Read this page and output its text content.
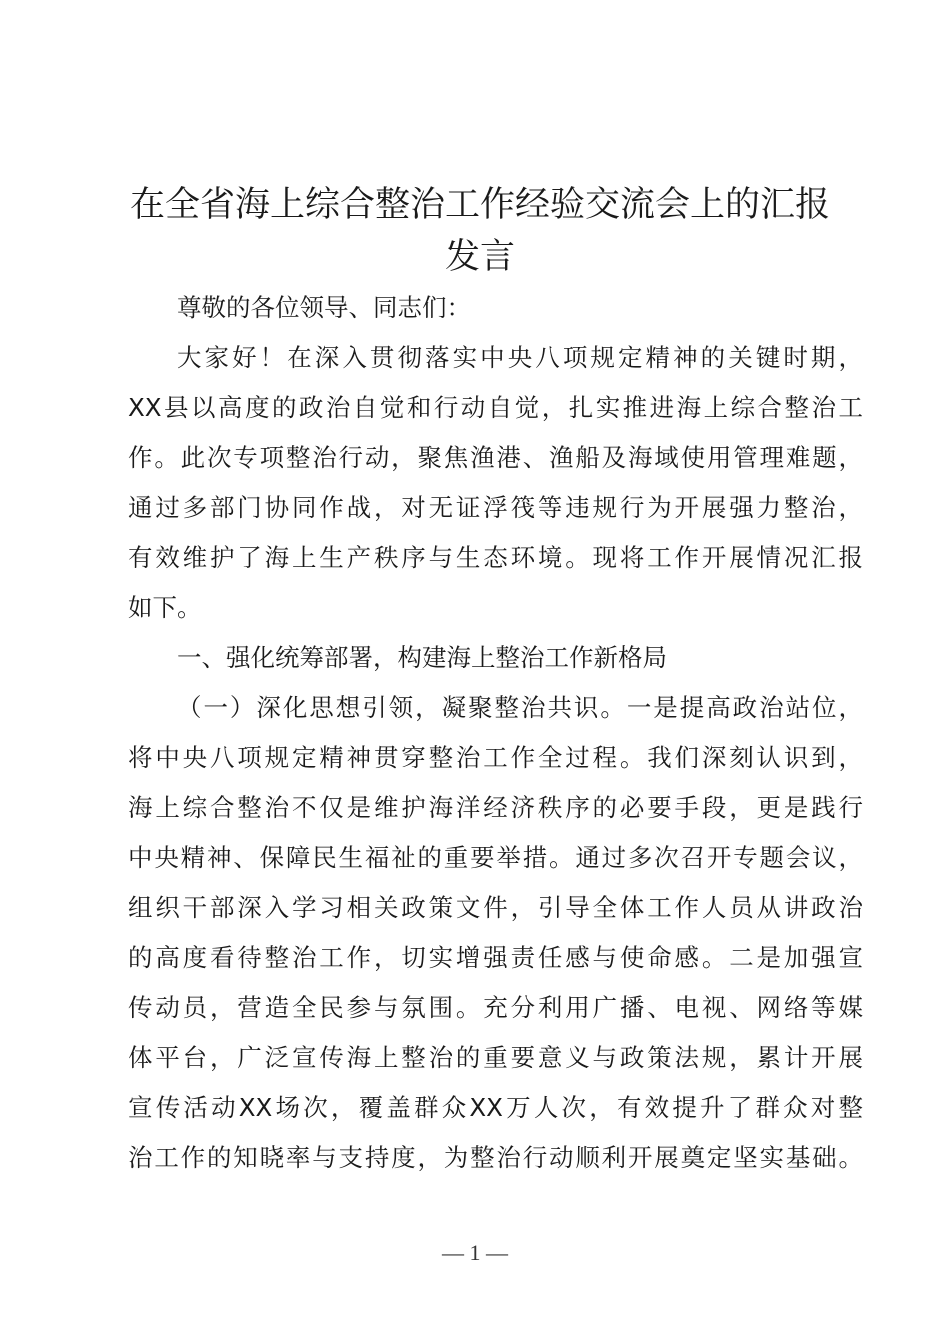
在全省海上综合整治工作经验交流会上的汇报
发言

尊敬的各位领导、同志们：

大家好！在深入贯彻落实中央八项规定精神的关键时期，

XX县以高度的政治自觉和行动自觉，扎实推进海上综合整治工

作。此次专项整治行动，聚焦渔港、渔船及海域使用管理难题，

通过多部门协同作战，对无证浮筏等违规行为开展强力整治，

有效维护了海上生产秩序与生态环境。现将工作开展情况汇报

如下。

一、强化统筹部署，构建海上整治工作新格局

（一）深化思想引领，凝聚整治共识。一是提高政治站位，

将中央八项规定精神贯穿整治工作全过程。我们深刻认识到，

海上综合整治不仅是维护海洋经济秩序的必要手段，更是践行

中央精神、保障民生福祉的重要举措。通过多次召开专题会议，

组织干部深入学习相关政策文件，引导全体工作人员从讲政治

的高度看待整治工作，切实增强责任感与使命感。二是加强宣

传动员，营造全民参与氛围。充分利用广播、电视、网络等媒

体平台，广泛宣传海上整治的重要意义与政策法规，累计开展

宣传活动XX场次，覆盖群众XX万人次，有效提升了群众对整

治工作的知晓率与支持度，为整治行动顺利开展奠定坚实基础。

— 1 —
